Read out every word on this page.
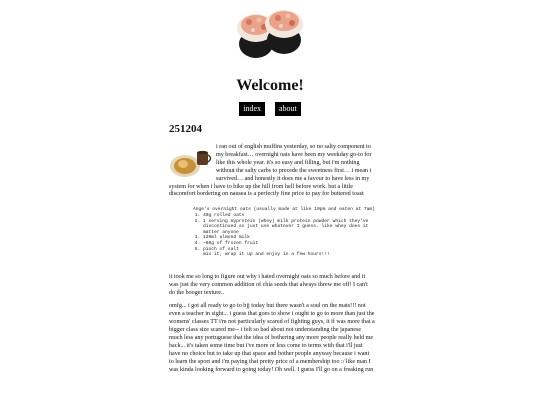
Welcome!
index about
251204

i ran out of english muffins yesterday, so no salty component to my breakfast… overnight oats have been my weekday go-to for like this whole year. it's so easy and filling, but i'm nothing without the salty carbs to precede the sweetness first… i mean i survived… and honestly it does me a favour to have less in my system for when i have to bike up the hill from hell before work. but a little discomfort bordering on nausea is a perfectly fine price to pay for buttered toast

Ange's overnight oats (usually made at like 10pm and eaten at 7am)
1. 40g rolled oats
2. 1 serving myprotein (whey) milk protein powder which they've discontinued so just use whatever I guess. like whey does it matter anyone
3. 120ml almond milk
4. ~80g of frozen fruit
5. pinch of salt
mix it, wrap it up and enjoy in a few hours!!!

it took me so long to figure out why i hated overnight oats so much before and it was just the very common addition of chia seeds that always threw me off! I can't do the booger texture..

omfg... i got all ready to go to bjj today but there wasn't a soul on the mats!!! not even a teacher in sight... i guess that goes to show i ought to go to more than just the womens' classes TT i'm not particularly scared of fighting guys, it if was more that a bigger class size scared me-- i felt so bad about not understanding the japanese much less any portuguese that the idea of bothering any more people really held me back... it's taken some time but i've more or less come to terms with that i'll just have no choice but to take up that space and bother people anyway because i want to learn the sport and i'm paying that pretty price of a membership too :/ like man I was kinda looking forward to going today! Oh well. I guess I'll go on a freaking run
